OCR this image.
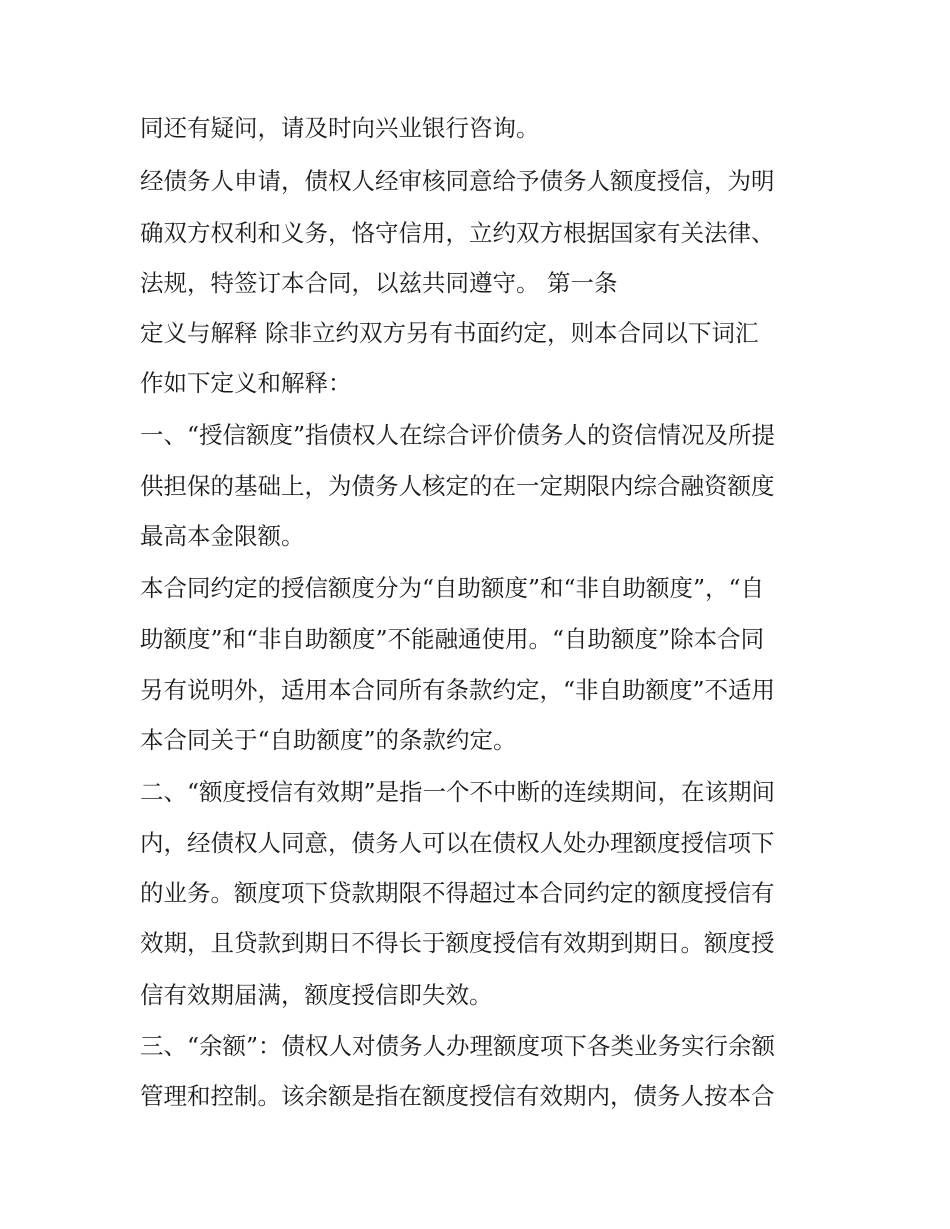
同还有疑问，请及时向兴业银行咨询。
经债务人申请，债权人经审核同意给予债务人额度授信，为明
确双方权利和义务，恪守信用，立约双方根据国家有关法律、
法规，特签订本合同，以兹共同遵守。 第一条
定义与解释 除非立约双方另有书面约定，则本合同以下词汇
作如下定义和解释：
一、“授信额度”指债权人在综合评价债务人的资信情况及所提
供担保的基础上，为债务人核定的在一定期限内综合融资额度
最高本金限额。
本合同约定的授信额度分为“自助额度”和“非自助额度”，“自
助额度”和“非自助额度”不能融通使用。“自助额度”除本合同
另有说明外，适用本合同所有条款约定，“非自助额度”不适用
本合同关于“自助额度”的条款约定。
二、“额度授信有效期”是指一个不中断的连续期间，在该期间
内，经债权人同意，债务人可以在债权人处办理额度授信项下
的业务。额度项下贷款期限不得超过本合同约定的额度授信有
效期，且贷款到期日不得长于额度授信有效期到期日。额度授
信有效期届满，额度授信即失效。
三、“余额”：债权人对债务人办理额度项下各类业务实行余额
管理和控制。该余额是指在额度授信有效期内，债务人按本合
